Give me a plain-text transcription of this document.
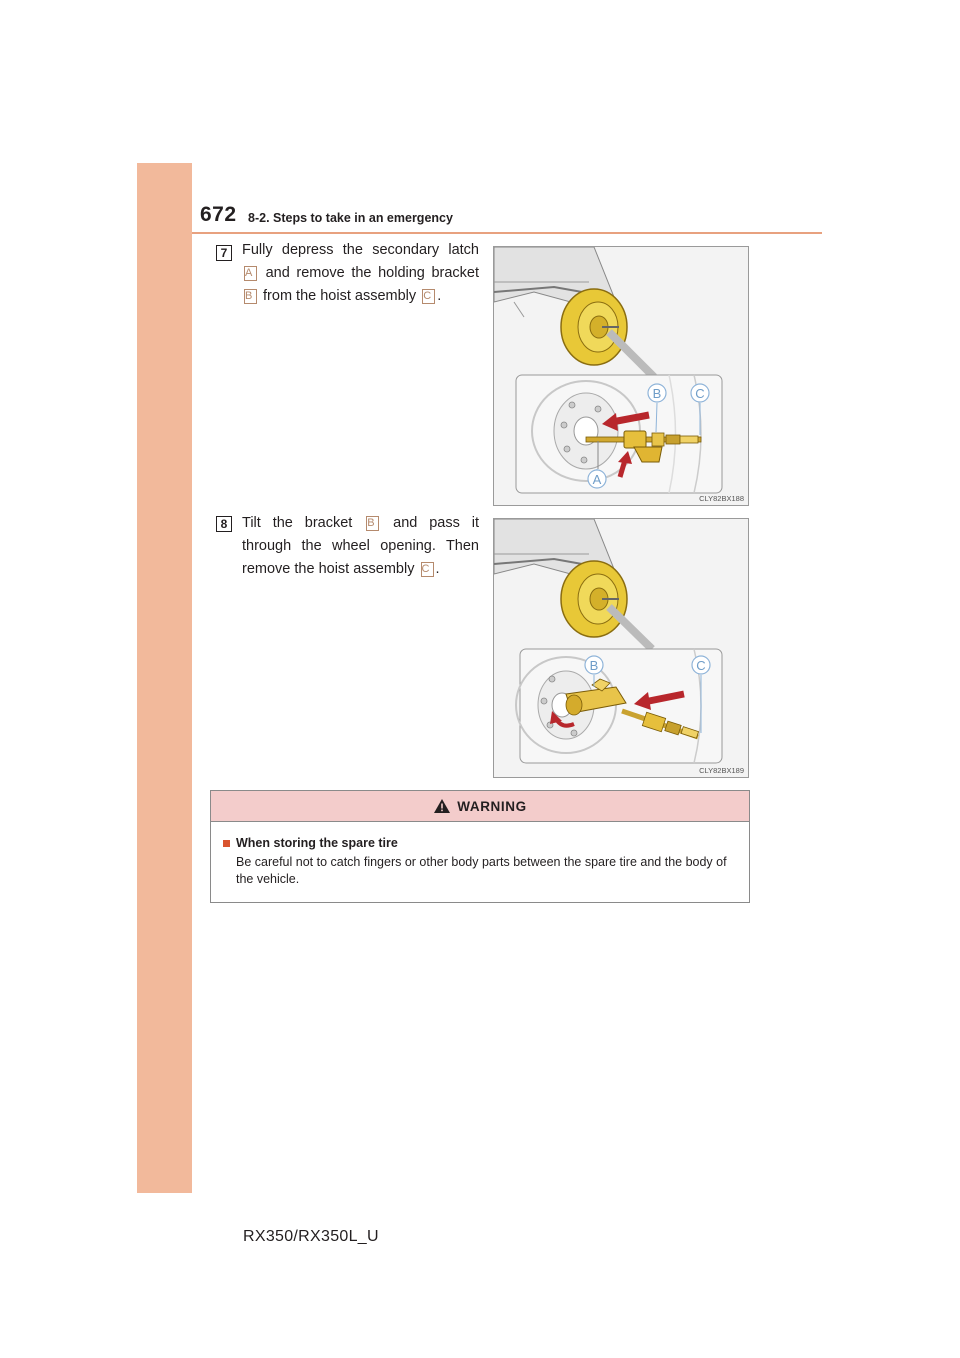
672 8-2. Steps to take in an emergency
7	Fully depress the secondary latch A and remove the holding bracket B from the hoist assembly C .
B	C
A
CLY82BX188
8	Tilt the bracket B and pass it through the wheel opening. Then remove the hoist assembly C .
B	C
CLY82BX189
WARNING
When storing the spare tire
Be careful not to catch fingers or other body parts between the spare tire and the body of the vehicle.
RX350/RX350L_U
